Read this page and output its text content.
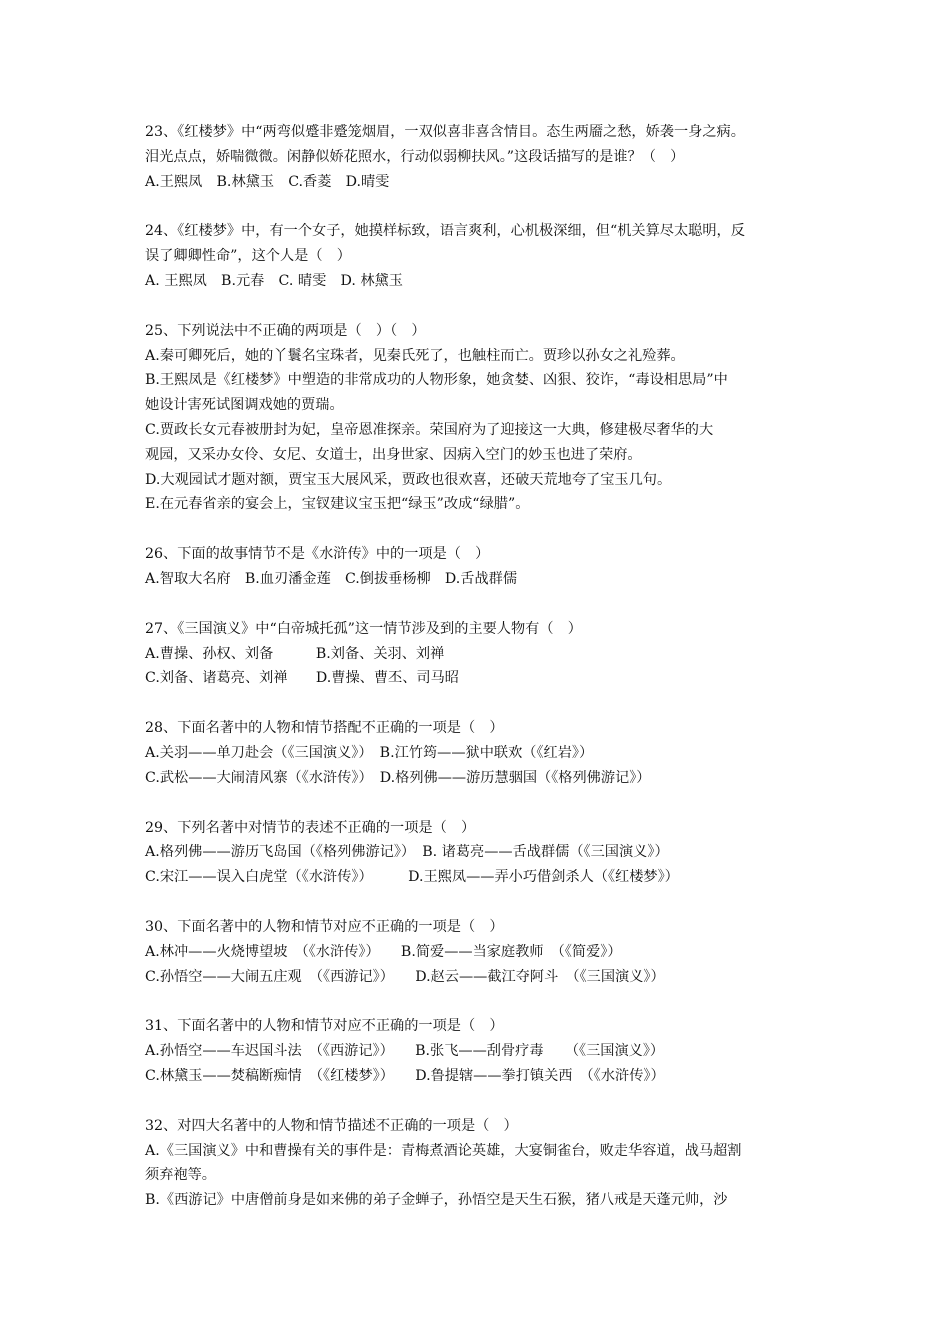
23、《红楼梦》中“两弯似蹙非蹙笼烟眉，一双似喜非喜含情目。态生两靥之愁，娇袭一身之病。
泪光点点，娇喘微微。闲静似娇花照水，行动似弱柳扶风。”这段话描写的是谁？（　）
A.王熙凤　B.林黛玉　C.香菱　D.晴雯
24、《红楼梦》中，有一个女子，她摸样标致，语言爽利，心机极深细，但“机关算尽太聪明，反
误了卿卿性命”，这个人是（　）
A. 王熙凤　B.元春　C. 晴雯　D. 林黛玉
25、下列说法中不正确的两项是（　）（　）
A.秦可卿死后，她的丫鬟名宝珠者，见秦氏死了，也触柱而亡。贾珍以孙女之礼殓葬。
B.王熙凤是《红楼梦》中塑造的非常成功的人物形象，她贪婪、凶狠、狡诈，“毒设相思局”中
她设计害死试图调戏她的贾瑞。
C.贾政长女元春被册封为妃，皇帝恩准探亲。荣国府为了迎接这一大典，修建极尽奢华的大
观园，又采办女伶、女尼、女道士，出身世家、因病入空门的妙玉也进了荣府。
D.大观园试才题对额，贾宝玉大展风采，贾政也很欢喜，还破天荒地夸了宝玉几句。
E.在元春省亲的宴会上，宝钗建议宝玉把“绿玉”改成“绿腊”。
26、下面的故事情节不是《水浒传》中的一项是（　）
A.智取大名府　B.血刃潘金莲　C.倒拔垂杨柳　D.舌战群儒
27、《三国演义》中“白帝城托孤”这一情节涉及到的主要人物有（　）
A.曹操、孙权、刘备　　　B.刘备、关羽、刘禅
C.刘备、诸葛亮、刘禅　　D.曹操、曹丕、司马昭
28、下面名著中的人物和情节搭配不正确的一项是（　）
A.关羽——单刀赴会（《三国演义》）　B.江竹筠——狱中联欢（《红岩》）
C.武松——大闹清风寨（《水浒传》）　D.格列佛——游历慧骃国（《格列佛游记》）
29、下列名著中对情节的表述不正确的一项是（　）
A.格列佛——游历飞岛国（《格列佛游记》）　B. 诸葛亮——舌战群儒（《三国演义》）
C.宋江——误入白虎堂（《水浒传》）　　　D.王熙凤——弄小巧借剑杀人（《红楼梦》）
30、下面名著中的人物和情节对应不正确的一项是（　）
A.林冲——火烧博望坡　（《水浒传》）　　B.简爱——当家庭教师　（《简爱》）
C.孙悟空——大闹五庄观　（《西游记》）　　D.赵云——截江夺阿斗　（《三国演义》）
31、下面名著中的人物和情节对应不正确的一项是（　）
A.孙悟空——车迟国斗法　（《西游记》）　　B.张飞——刮骨疗毒　　（《三国演义》）
C.林黛玉——焚稿断痴情　（《红楼梦》）　　D.鲁提辖——拳打镇关西　（《水浒传》）
32、对四大名著中的人物和情节描述不正确的一项是（　）
A.《三国演义》中和曹操有关的事件是：青梅煮酒论英雄，大宴铜雀台，败走华容道，战马超割
须弃袍等。
B.《西游记》中唐僧前身是如来佛的弟子金蝉子，孙悟空是天生石猴，猪八戒是天蓬元帅，沙
